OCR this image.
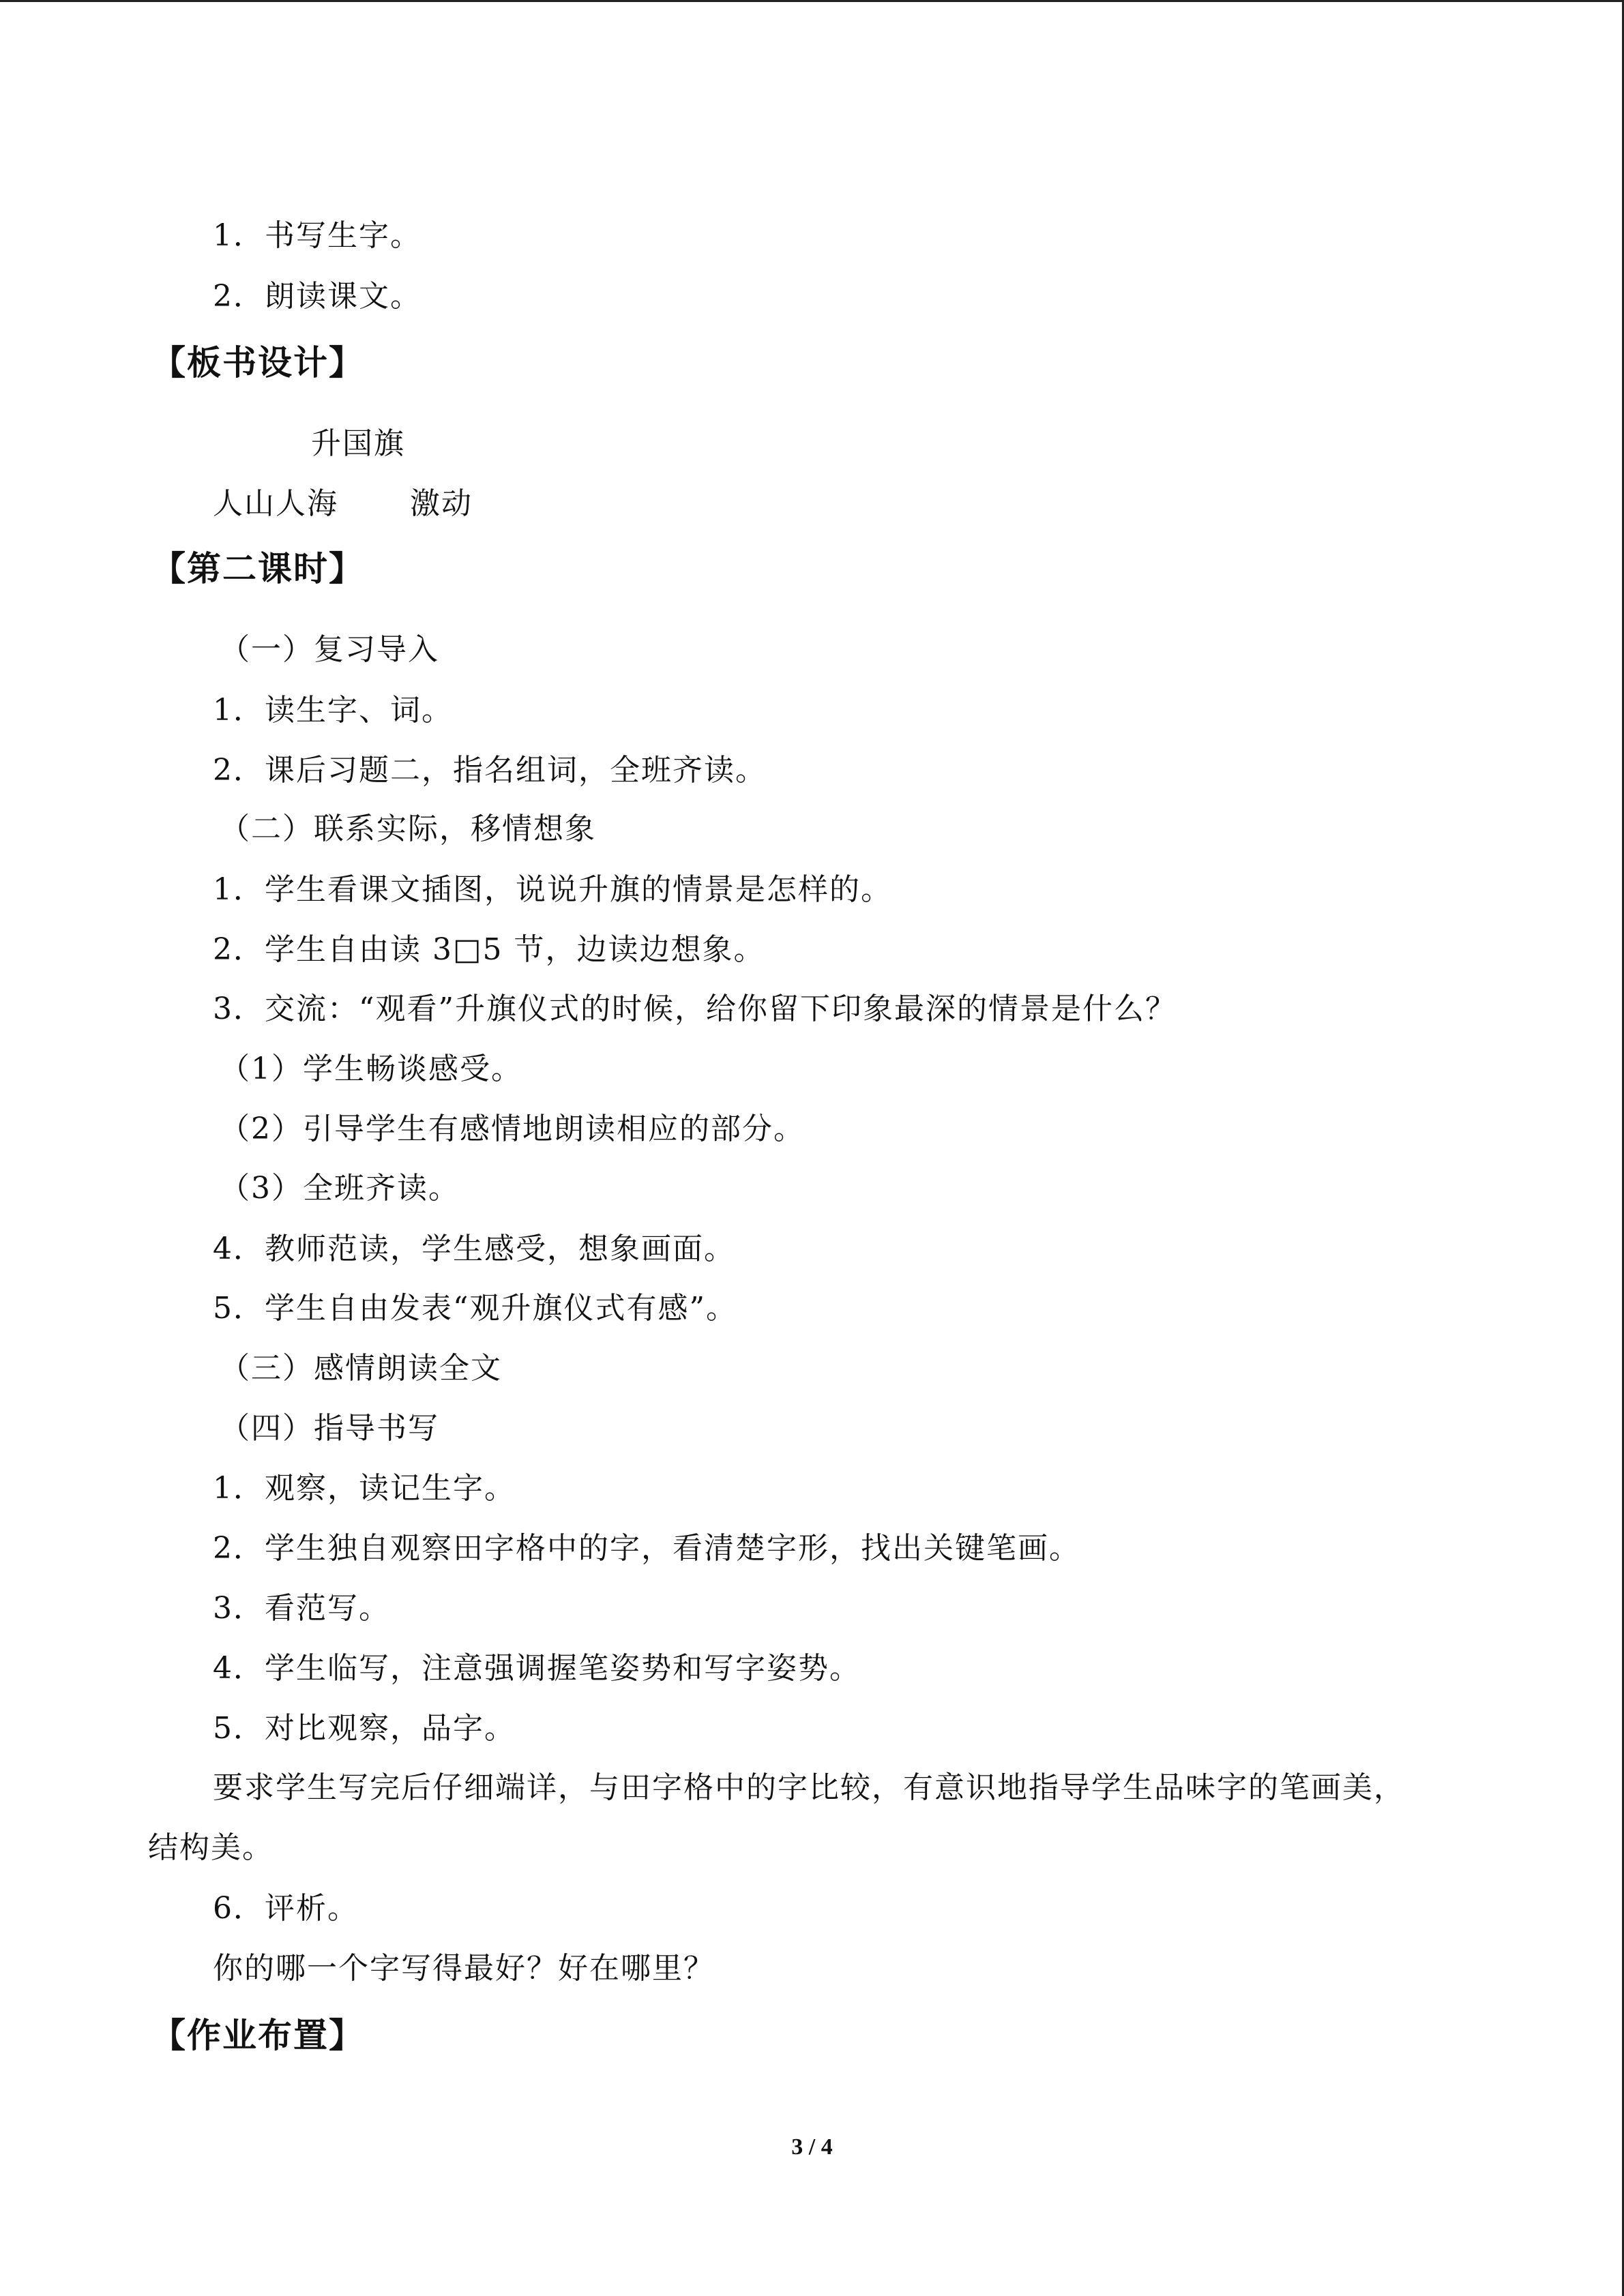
1．书写生字。
2．朗读课文。
【板书设计】
升国旗
人山人海 激动
【第二课时】
（一）复习导入
1．读生字、词。
2．课后习题二，指名组词，全班齐读。
（二）联系实际，移情想象
1．学生看课文插图，说说升旗的情景是怎样的。
2．学生自由读 3□5 节，边读边想象。
3．交流：“观看”升旗仪式的时候，给你留下印象最深的情景是什么？
（1）学生畅谈感受。
（2）引导学生有感情地朗读相应的部分。
（3）全班齐读。
4．教师范读，学生感受，想象画面。
5．学生自由发表“观升旗仪式有感”。
（三）感情朗读全文
（四）指导书写
1．观察，读记生字。
2．学生独自观察田字格中的字，看清楚字形，找出关键笔画。
3．看范写。
4．学生临写，注意强调握笔姿势和写字姿势。
5．对比观察，品字。
要求学生写完后仔细端详，与田字格中的字比较，有意识地指导学生品味字的笔画美，
结构美。
6．评析。
你的哪一个字写得最好？好在哪里？
【作业布置】
3 / 4
